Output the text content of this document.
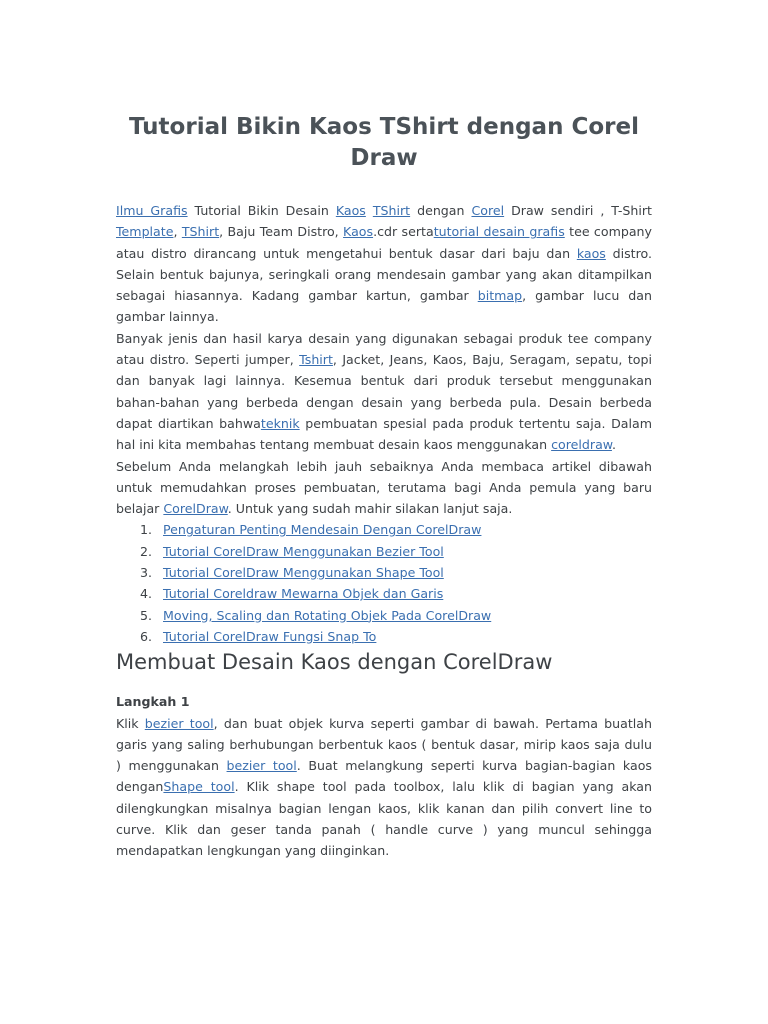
Tutorial Bikin Kaos TShirt dengan Corel Draw

Ilmu Grafis Tutorial Bikin Desain Kaos TShirt dengan Corel Draw sendiri , T-Shirt Template, TShirt, Baju Team Distro, Kaos.cdr sertatutorial desain grafis tee company atau distro dirancang untuk mengetahui bentuk dasar dari baju dan kaos distro. Selain bentuk bajunya, seringkali orang mendesain gambar yang akan ditampilkan sebagai hiasannya. Kadang gambar kartun, gambar bitmap, gambar lucu dan gambar lainnya.

Banyak jenis dan hasil karya desain yang digunakan sebagai produk tee company atau distro. Seperti jumper, Tshirt, Jacket, Jeans, Kaos, Baju, Seragam, sepatu, topi dan banyak lagi lainnya. Kesemua bentuk dari produk tersebut menggunakan bahan-bahan yang berbeda dengan desain yang berbeda pula. Desain berbeda dapat diartikan bahwateknik pembuatan spesial pada produk tertentu saja. Dalam hal ini kita membahas tentang membuat desain kaos menggunakan coreldraw.

Sebelum Anda melangkah lebih jauh sebaiknya Anda membaca artikel dibawah untuk memudahkan proses pembuatan, terutama bagi Anda pemula yang baru belajar CorelDraw. Untuk yang sudah mahir silakan lanjut saja.

1. Pengaturan Penting Mendesain Dengan CorelDraw
2. Tutorial CorelDraw Menggunakan Bezier Tool
3. Tutorial CorelDraw Menggunakan Shape Tool
4. Tutorial Coreldraw Mewarna Objek dan Garis
5. Moving, Scaling dan Rotating Objek Pada CorelDraw
6. Tutorial CorelDraw Fungsi Snap To
Membuat Desain Kaos dengan CorelDraw

Langkah 1

Klik bezier tool, dan buat objek kurva seperti gambar di bawah. Pertama buatlah garis yang saling berhubungan berbentuk kaos ( bentuk dasar, mirip kaos saja dulu ) menggunakan bezier tool. Buat melangkung seperti kurva bagian-bagian kaos denganShape tool. Klik shape tool pada toolbox, lalu klik di bagian yang akan dilengkungkan misalnya bagian lengan kaos, klik kanan dan pilih convert line to curve. Klik dan geser tanda panah ( handle curve ) yang muncul sehingga mendapatkan lengkungan yang diinginkan.
